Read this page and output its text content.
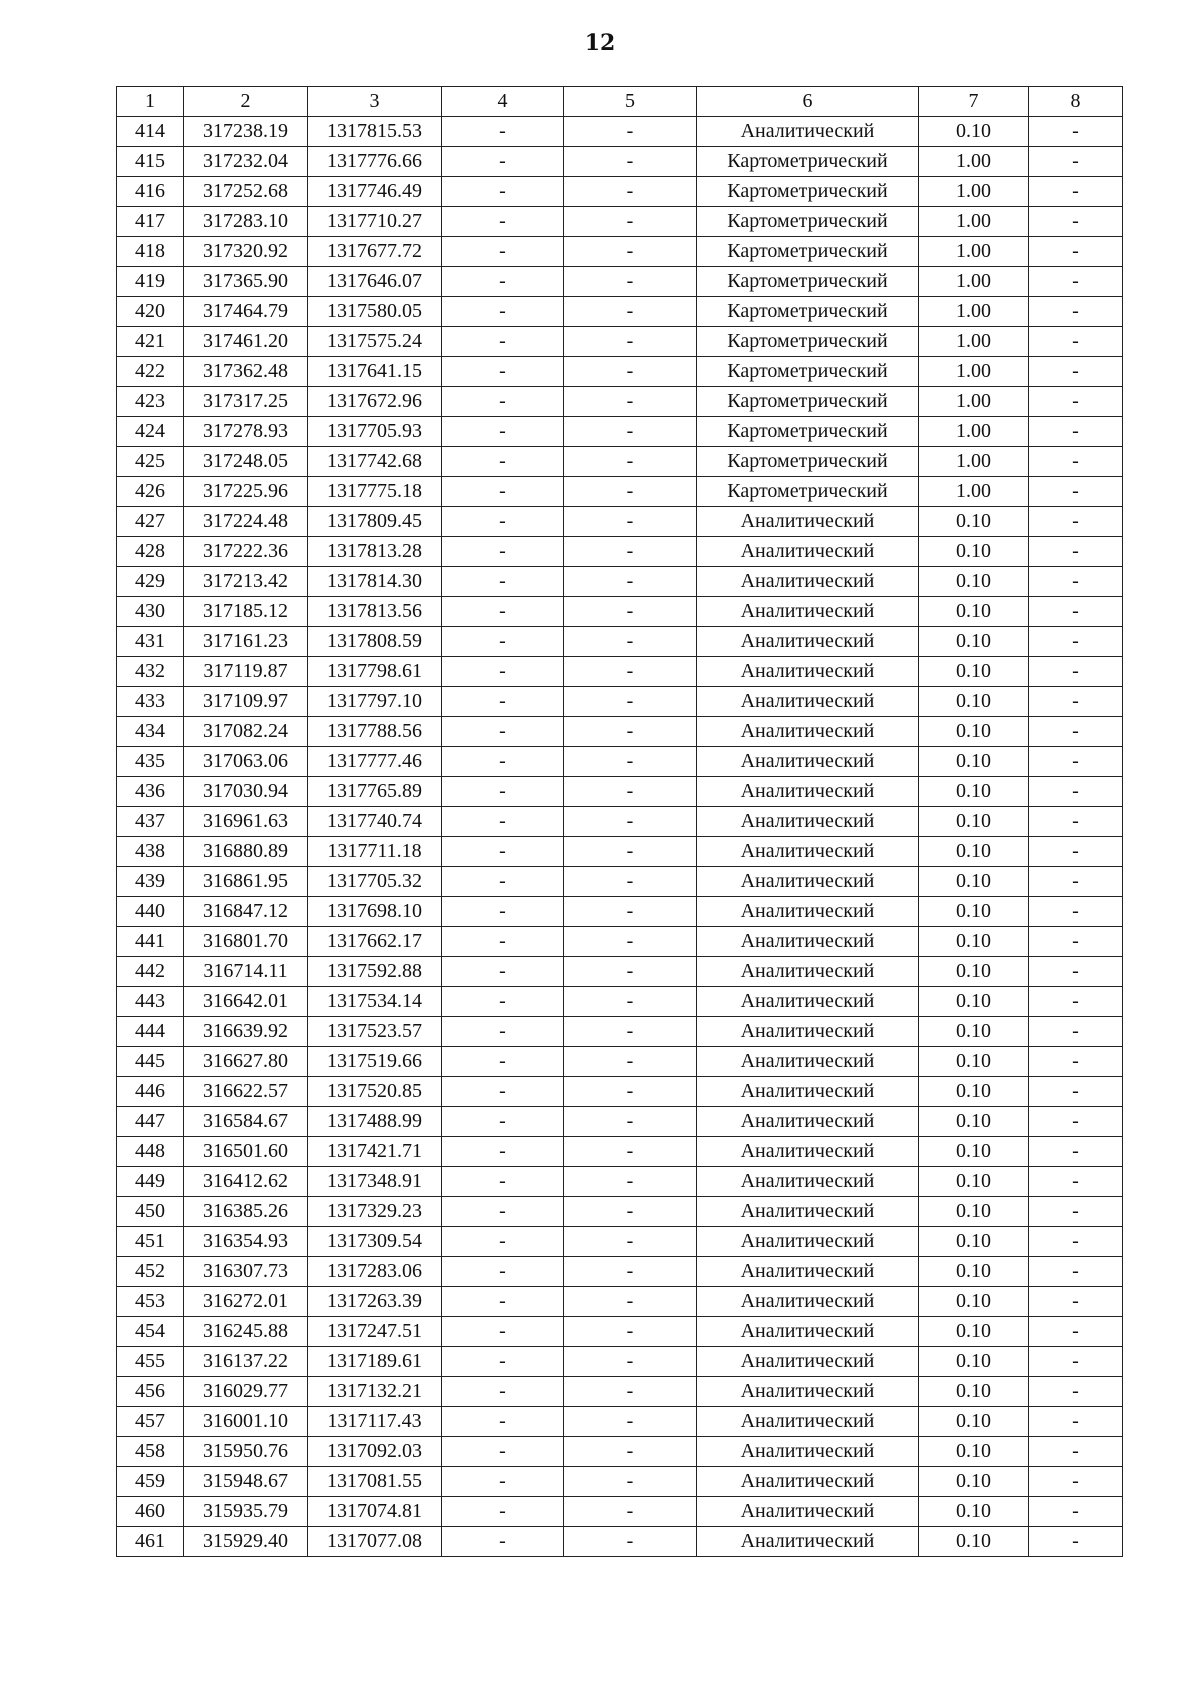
12
1	2	3	4	5	6	7	8
414	317238.19	1317815.53	-	-	Аналитический	0.10	-
415	317232.04	1317776.66	-	-	Картометрический	1.00	-
416	317252.68	1317746.49	-	-	Картометрический	1.00	-
417	317283.10	1317710.27	-	-	Картометрический	1.00	-
418	317320.92	1317677.72	-	-	Картометрический	1.00	-
419	317365.90	1317646.07	-	-	Картометрический	1.00	-
420	317464.79	1317580.05	-	-	Картометрический	1.00	-
421	317461.20	1317575.24	-	-	Картометрический	1.00	-
422	317362.48	1317641.15	-	-	Картометрический	1.00	-
423	317317.25	1317672.96	-	-	Картометрический	1.00	-
424	317278.93	1317705.93	-	-	Картометрический	1.00	-
425	317248.05	1317742.68	-	-	Картометрический	1.00	-
426	317225.96	1317775.18	-	-	Картометрический	1.00	-
427	317224.48	1317809.45	-	-	Аналитический	0.10	-
428	317222.36	1317813.28	-	-	Аналитический	0.10	-
429	317213.42	1317814.30	-	-	Аналитический	0.10	-
430	317185.12	1317813.56	-	-	Аналитический	0.10	-
431	317161.23	1317808.59	-	-	Аналитический	0.10	-
432	317119.87	1317798.61	-	-	Аналитический	0.10	-
433	317109.97	1317797.10	-	-	Аналитический	0.10	-
434	317082.24	1317788.56	-	-	Аналитический	0.10	-
435	317063.06	1317777.46	-	-	Аналитический	0.10	-
436	317030.94	1317765.89	-	-	Аналитический	0.10	-
437	316961.63	1317740.74	-	-	Аналитический	0.10	-
438	316880.89	1317711.18	-	-	Аналитический	0.10	-
439	316861.95	1317705.32	-	-	Аналитический	0.10	-
440	316847.12	1317698.10	-	-	Аналитический	0.10	-
441	316801.70	1317662.17	-	-	Аналитический	0.10	-
442	316714.11	1317592.88	-	-	Аналитический	0.10	-
443	316642.01	1317534.14	-	-	Аналитический	0.10	-
444	316639.92	1317523.57	-	-	Аналитический	0.10	-
445	316627.80	1317519.66	-	-	Аналитический	0.10	-
446	316622.57	1317520.85	-	-	Аналитический	0.10	-
447	316584.67	1317488.99	-	-	Аналитический	0.10	-
448	316501.60	1317421.71	-	-	Аналитический	0.10	-
449	316412.62	1317348.91	-	-	Аналитический	0.10	-
450	316385.26	1317329.23	-	-	Аналитический	0.10	-
451	316354.93	1317309.54	-	-	Аналитический	0.10	-
452	316307.73	1317283.06	-	-	Аналитический	0.10	-
453	316272.01	1317263.39	-	-	Аналитический	0.10	-
454	316245.88	1317247.51	-	-	Аналитический	0.10	-
455	316137.22	1317189.61	-	-	Аналитический	0.10	-
456	316029.77	1317132.21	-	-	Аналитический	0.10	-
457	316001.10	1317117.43	-	-	Аналитический	0.10	-
458	315950.76	1317092.03	-	-	Аналитический	0.10	-
459	315948.67	1317081.55	-	-	Аналитический	0.10	-
460	315935.79	1317074.81	-	-	Аналитический	0.10	-
461	315929.40	1317077.08	-	-	Аналитический	0.10	-
